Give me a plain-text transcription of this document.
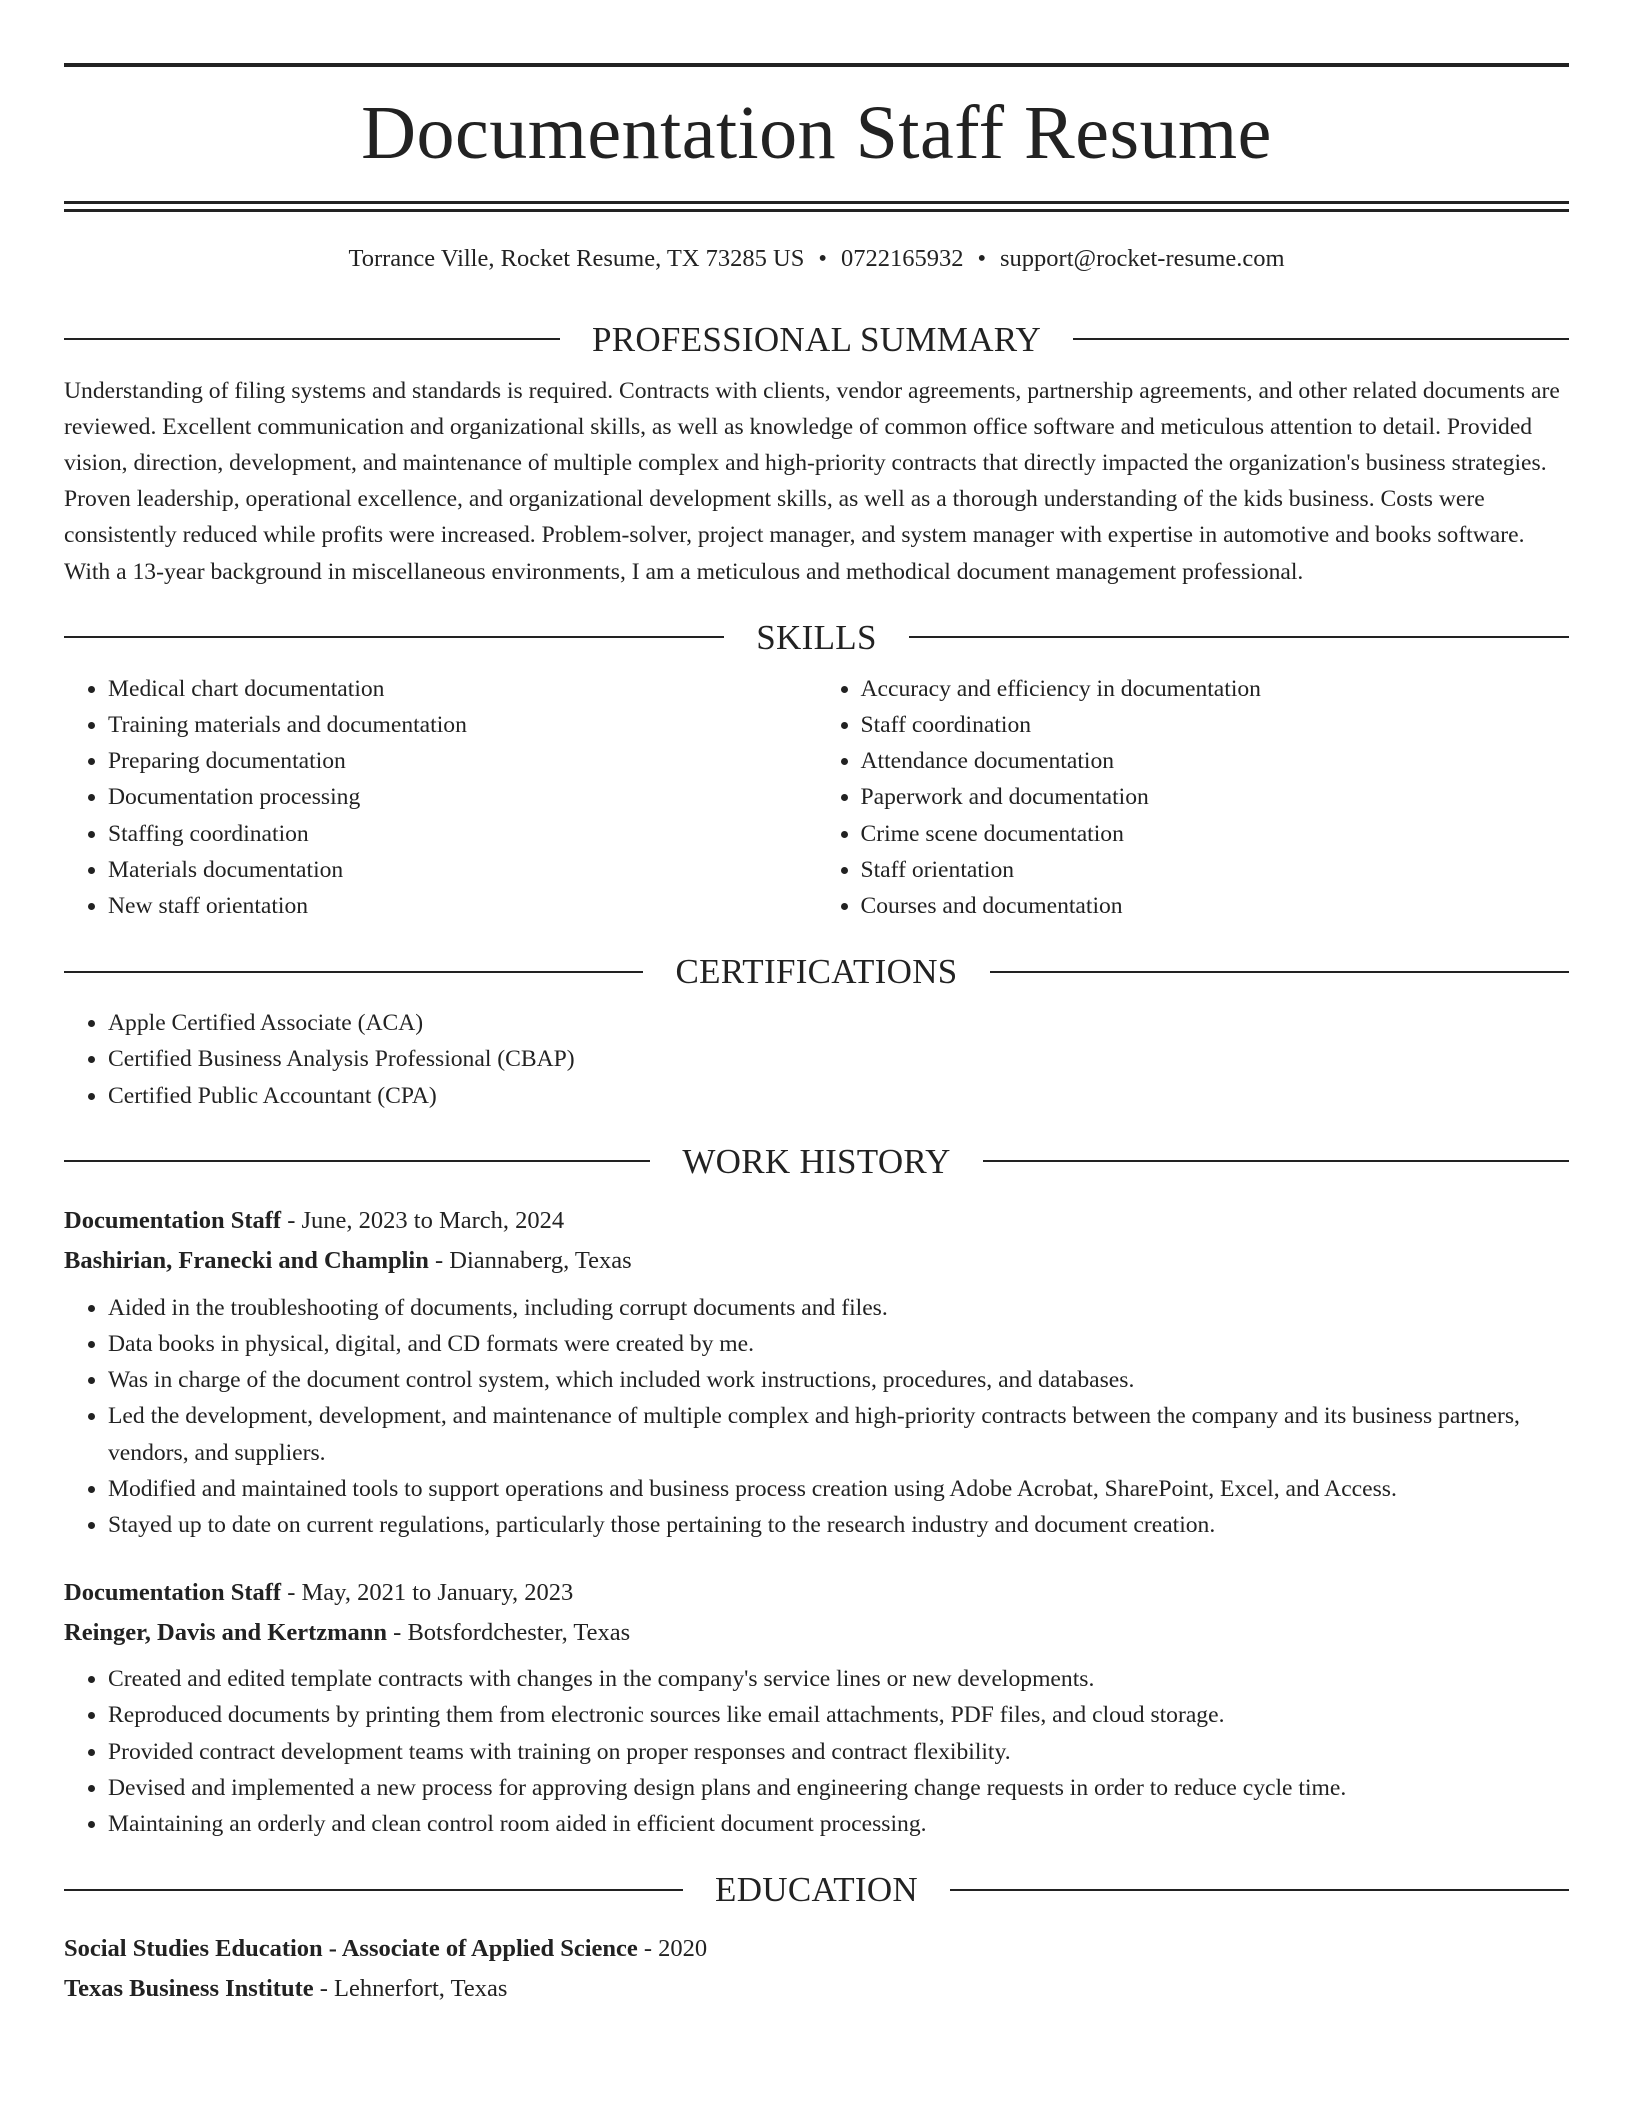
Documentation Staff Resume
Torrance Ville, Rocket Resume, TX 73285 US • 0722165932 • support@rocket-resume.com
PROFESSIONAL SUMMARY

Understanding of filing systems and standards is required. Contracts with clients, vendor agreements, partnership agreements, and other related documents are reviewed. Excellent communication and organizational skills, as well as knowledge of common office software and meticulous attention to detail. Provided vision, direction, development, and maintenance of multiple complex and high-priority contracts that directly impacted the organization's business strategies. Proven leadership, operational excellence, and organizational development skills, as well as a thorough understanding of the kids business. Costs were consistently reduced while profits were increased. Problem-solver, project manager, and system manager with expertise in automotive and books software. With a 13-year background in miscellaneous environments, I am a meticulous and methodical document management professional.

SKILLS
• Medical chart documentation
• Training materials and documentation
• Preparing documentation
• Documentation processing
• Staffing coordination
• Materials documentation
• New staff orientation
• Accuracy and efficiency in documentation
• Staff coordination
• Attendance documentation
• Paperwork and documentation
• Crime scene documentation
• Staff orientation
• Courses and documentation
CERTIFICATIONS
• Apple Certified Associate (ACA)
• Certified Business Analysis Professional (CBAP)
• Certified Public Accountant (CPA)
WORK HISTORY
Documentation Staff - June, 2023 to March, 2024
Bashirian, Franecki and Champlin - Diannaberg, Texas
• Aided in the troubleshooting of documents, including corrupt documents and files.
• Data books in physical, digital, and CD formats were created by me.
• Was in charge of the document control system, which included work instructions, procedures, and databases.
• Led the development, development, and maintenance of multiple complex and high-priority contracts between the company and its business partners, vendors, and suppliers.
• Modified and maintained tools to support operations and business process creation using Adobe Acrobat, SharePoint, Excel, and Access.
• Stayed up to date on current regulations, particularly those pertaining to the research industry and document creation.
Documentation Staff - May, 2021 to January, 2023
Reinger, Davis and Kertzmann - Botsfordchester, Texas
• Created and edited template contracts with changes in the company's service lines or new developments.
• Reproduced documents by printing them from electronic sources like email attachments, PDF files, and cloud storage.
• Provided contract development teams with training on proper responses and contract flexibility.
• Devised and implemented a new process for approving design plans and engineering change requests in order to reduce cycle time.
• Maintaining an orderly and clean control room aided in efficient document processing.
EDUCATION
Social Studies Education - Associate of Applied Science - 2020
Texas Business Institute - Lehnerfort, Texas
